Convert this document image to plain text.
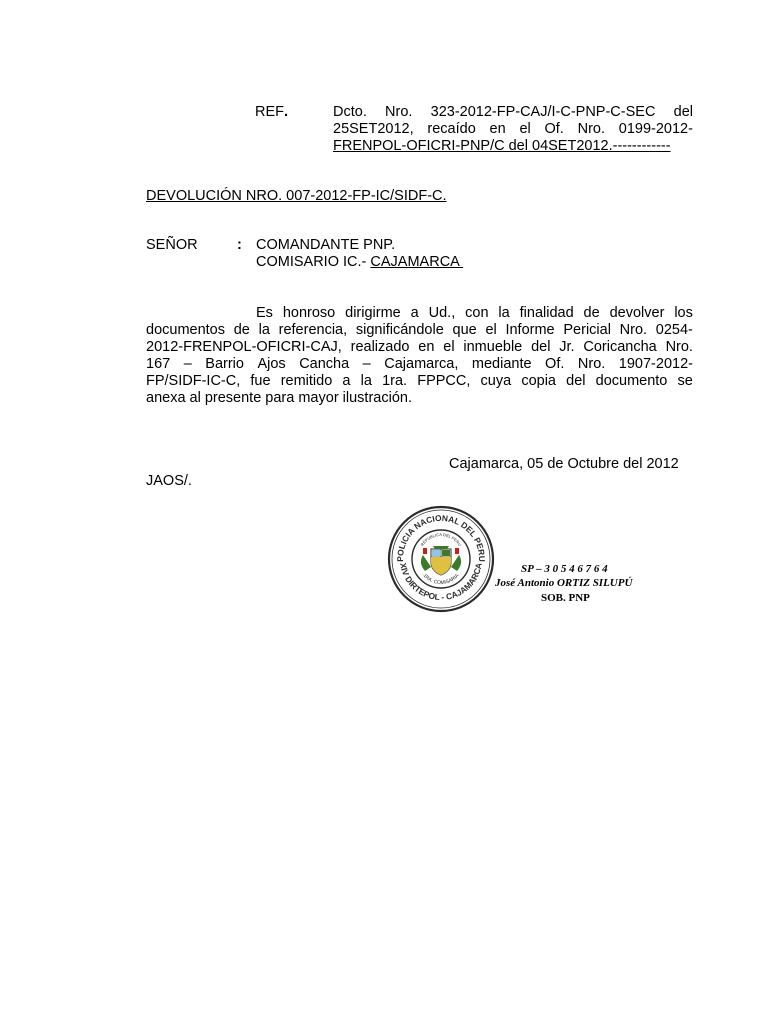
REF.	Dcto. Nro. 323-2012-FP-CAJ/I-C-PNP-C-SEC del
25SET2012, recaído en el Of. Nro. 0199-2012-
FRENPOL-OFICRI-PNP/C del 04SET2012.------------
DEVOLUCIÓN NRO. 007-2012-FP-IC/SIDF-C.
SEÑOR	: COMANDANTE PNP.
COMISARIO IC.- CAJAMARCA
Es honroso dirigirme a Ud., con la finalidad de devolver los
documentos de la referencia, significándole que el Informe Pericial Nro. 0254-
2012-FRENPOL-OFICRI-CAJ, realizado en el inmueble del Jr. Coricancha Nro.
167 – Barrio Ajos Cancha – Cajamarca, mediante Of. Nro. 1907-2012-
FP/SIDF-IC-C, fue remitido a la 1ra. FPPCC, cuya copia del documento se
anexa al presente para mayor ilustración.
Cajamarca, 05 de Octubre del 2012
JAOS/.
POLICIA NACIONAL DEL PERU
XIV DIRTEPOL - CAJAMARCA
REPUBLICA DEL PERU
1RA. COMISARIA
SP – 3 0 5 4 6 7 6 4
José Antonio ORTIZ SILUPÚ
SOB. PNP
